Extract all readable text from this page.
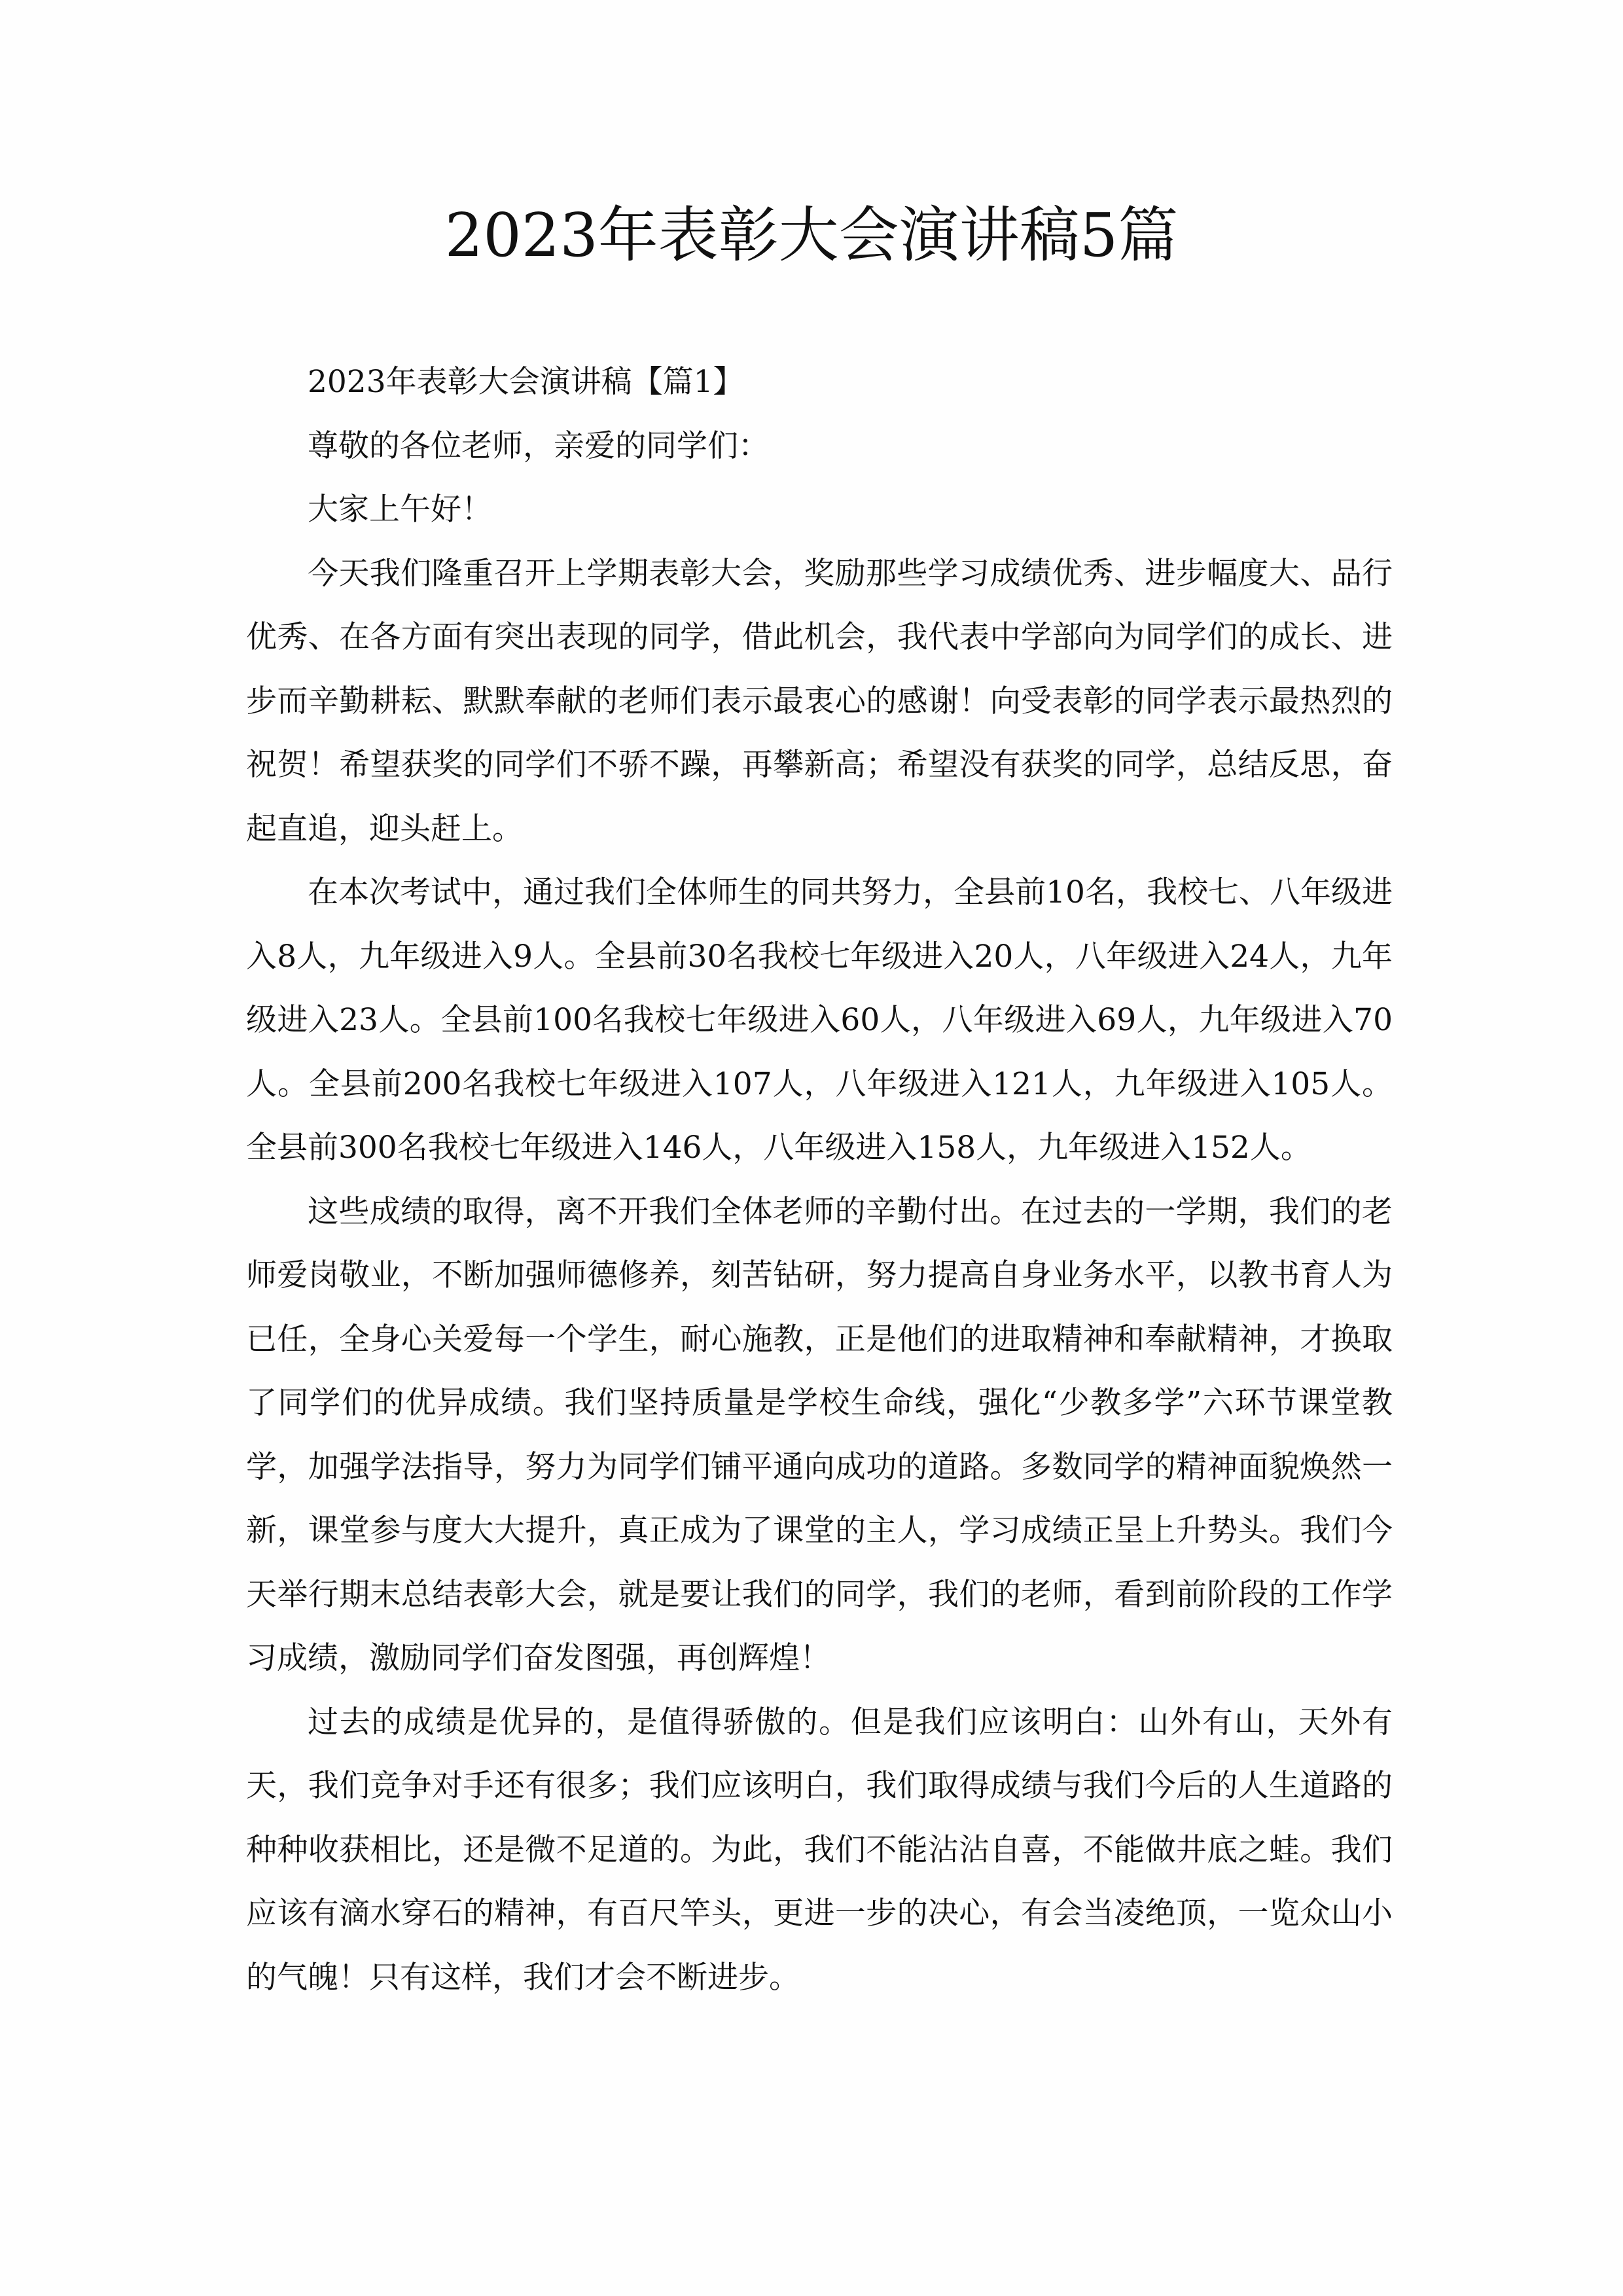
2023年表彰大会演讲稿5篇

2023年表彰大会演讲稿【篇1】

尊敬的各位老师，亲爱的同学们：

大家上午好！

今天我们隆重召开上学期表彰大会，奖励那些学习成绩优秀、进步幅度大、品行优秀、在各方面有突出表现的同学，借此机会，我代表中学部向为同学们的成长、进步而辛勤耕耘、默默奉献的老师们表示最衷心的感谢！向受表彰的同学表示最热烈的祝贺！希望获奖的同学们不骄不躁，再攀新高；希望没有获奖的同学，总结反思，奋起直追，迎头赶上。

在本次考试中，通过我们全体师生的同共努力，全县前10名，我校七、八年级进入8人，九年级进入9人。全县前30名我校七年级进入20人，八年级进入24人，九年级进入23人。全县前100名我校七年级进入60人，八年级进入69人，九年级进入70人。全县前200名我校七年级进入107人，八年级进入121人，九年级进入105人。全县前300名我校七年级进入146人，八年级进入158人，九年级进入152人。

这些成绩的取得，离不开我们全体老师的辛勤付出。在过去的一学期，我们的老师爱岗敬业，不断加强师德修养，刻苦钻研，努力提高自身业务水平，以教书育人为已任，全身心关爱每一个学生，耐心施教，正是他们的进取精神和奉献精神，才换取了同学们的优异成绩。我们坚持质量是学校生命线，强化“少教多学”六环节课堂教学，加强学法指导，努力为同学们铺平通向成功的道路。多数同学的精神面貌焕然一新，课堂参与度大大提升，真正成为了课堂的主人，学习成绩正呈上升势头。我们今天举行期末总结表彰大会，就是要让我们的同学，我们的老师，看到前阶段的工作学习成绩，激励同学们奋发图强，再创辉煌！

过去的成绩是优异的，是值得骄傲的。但是我们应该明白：山外有山，天外有天，我们竞争对手还有很多；我们应该明白，我们取得成绩与我们今后的人生道路的种种收获相比，还是微不足道的。为此，我们不能沾沾自喜，不能做井底之蛙。我们应该有滴水穿石的精神，有百尺竿头，更进一步的决心，有会当凌绝顶，一览众山小的气魄！只有这样，我们才会不断进步。
